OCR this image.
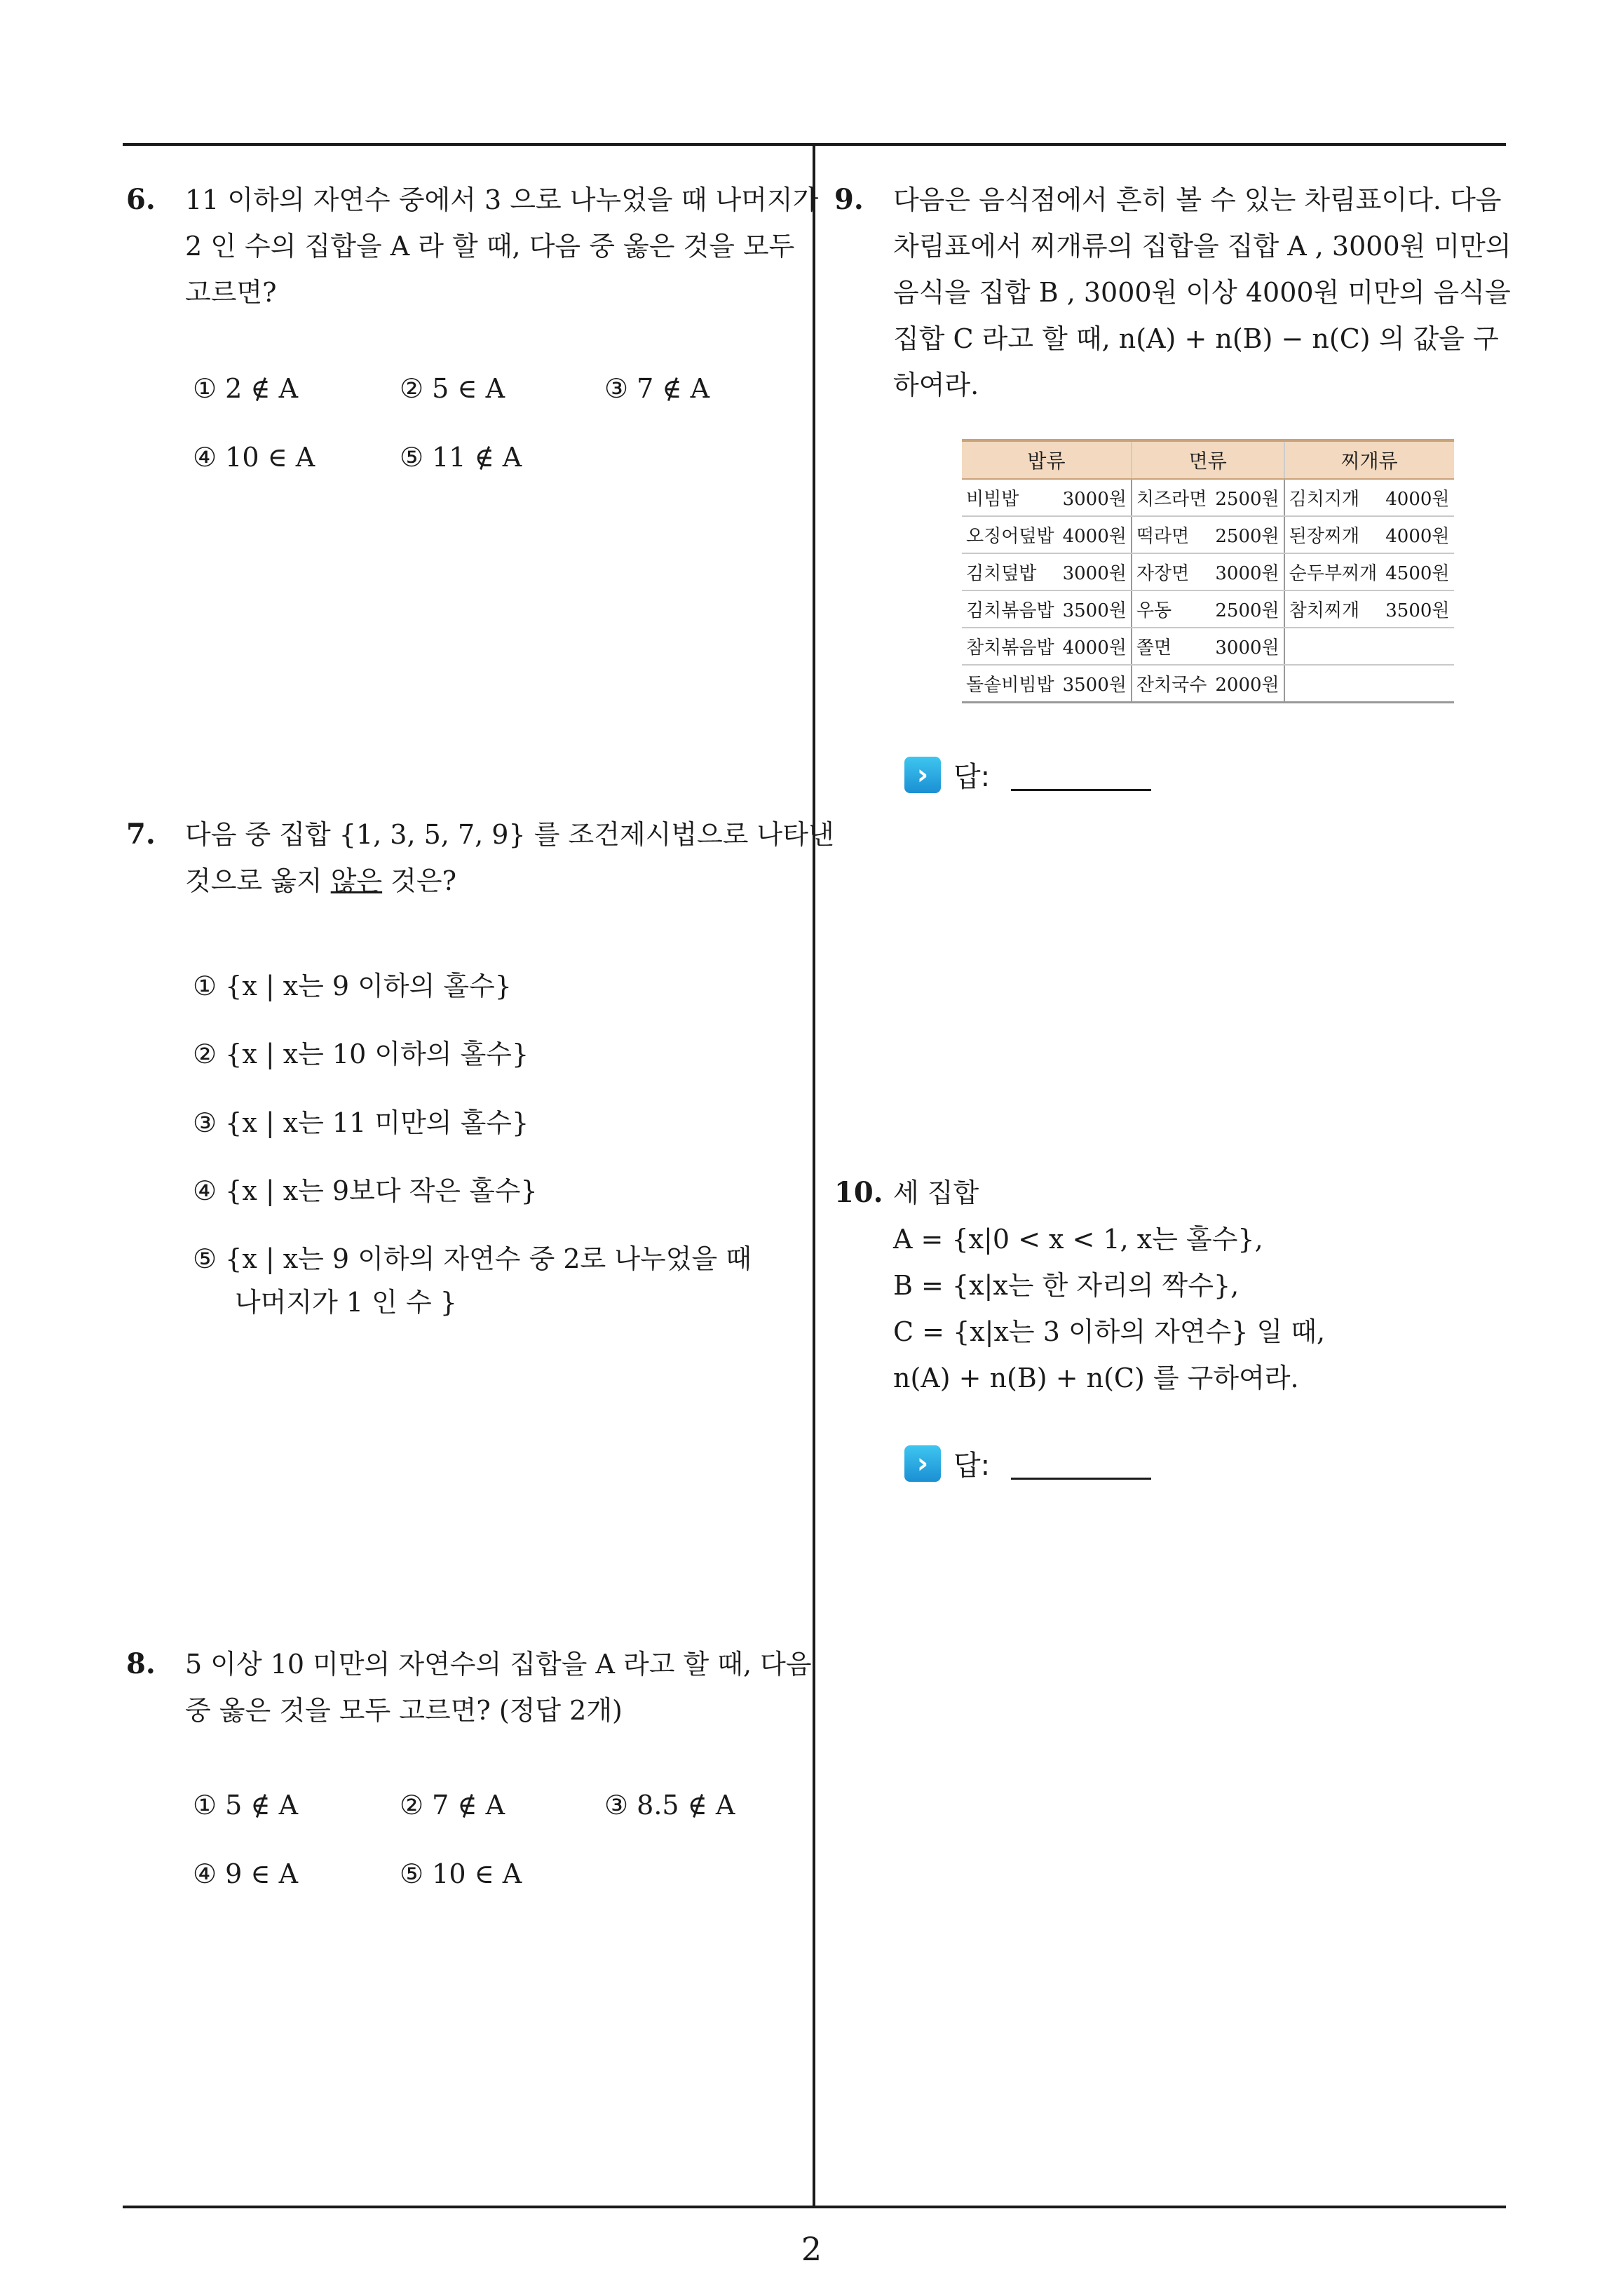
2
6. 11 이하의 자연수 중에서 3 으로 나누었을 때 나머지가
2 인 수의 집합을 A 라 할 때, 다음 중 옳은 것을 모두
고르면?
① 2 ∉ A	② 5 ∈ A	③ 7 ∉ A
④ 10 ∈ A	⑤ 11 ∉ A
7. 다음 중 집합 {1, 3, 5, 7, 9} 를 조건제시법으로 나타낸
것으로 옳지 않은 것은?
① {x | x는 9 이하의 홀수}
② {x | x는 10 이하의 홀수}
③ {x | x는 11 미만의 홀수}
④ {x | x는 9보다 작은 홀수}
⑤ {x | x는 9 이하의 자연수 중 2로 나누었을 때
나머지가 1 인 수 }
8. 5 이상 10 미만의 자연수의 집합을 A 라고 할 때, 다음
중 옳은 것을 모두 고르면? (정답 2개)
① 5 ∉ A	② 7 ∉ A	③ 8.5 ∉ A
④ 9 ∈ A	⑤ 10 ∈ A
9. 다음은 음식점에서 흔히 볼 수 있는 차림표이다. 다음
차림표에서 찌개류의 집합을 집합 A , 3000원 미만의
음식을 집합 B , 3000원 이상 4000원 미만의 음식을
집합 C 라고 할 때, n(A) + n(B) − n(C) 의 값을 구
하여라.
밥류	면류	찌개류

비빔밥 3000원	치즈라면 2500원	김치지개 4000원

오징어덮밥 4000원	떡라면 2500원	된장찌개 4000원

김치덮밥 3000원	자장면 3000원	순두부찌개 4500원

김치볶음밥 3500원	우동 2500원	참치찌개 3500원

참치볶음밥 4000원	쫄면 3000원	

돌솥비빔밥 3500원	잔치국수 2000원	

› 답:
10. 세 집합
A = {x|0 < x < 1, x는 홀수},
B = {x|x는 한 자리의 짝수},
C = {x|x는 3 이하의 자연수} 일 때,
n(A) + n(B) + n(C) 를 구하여라.
› 답:
